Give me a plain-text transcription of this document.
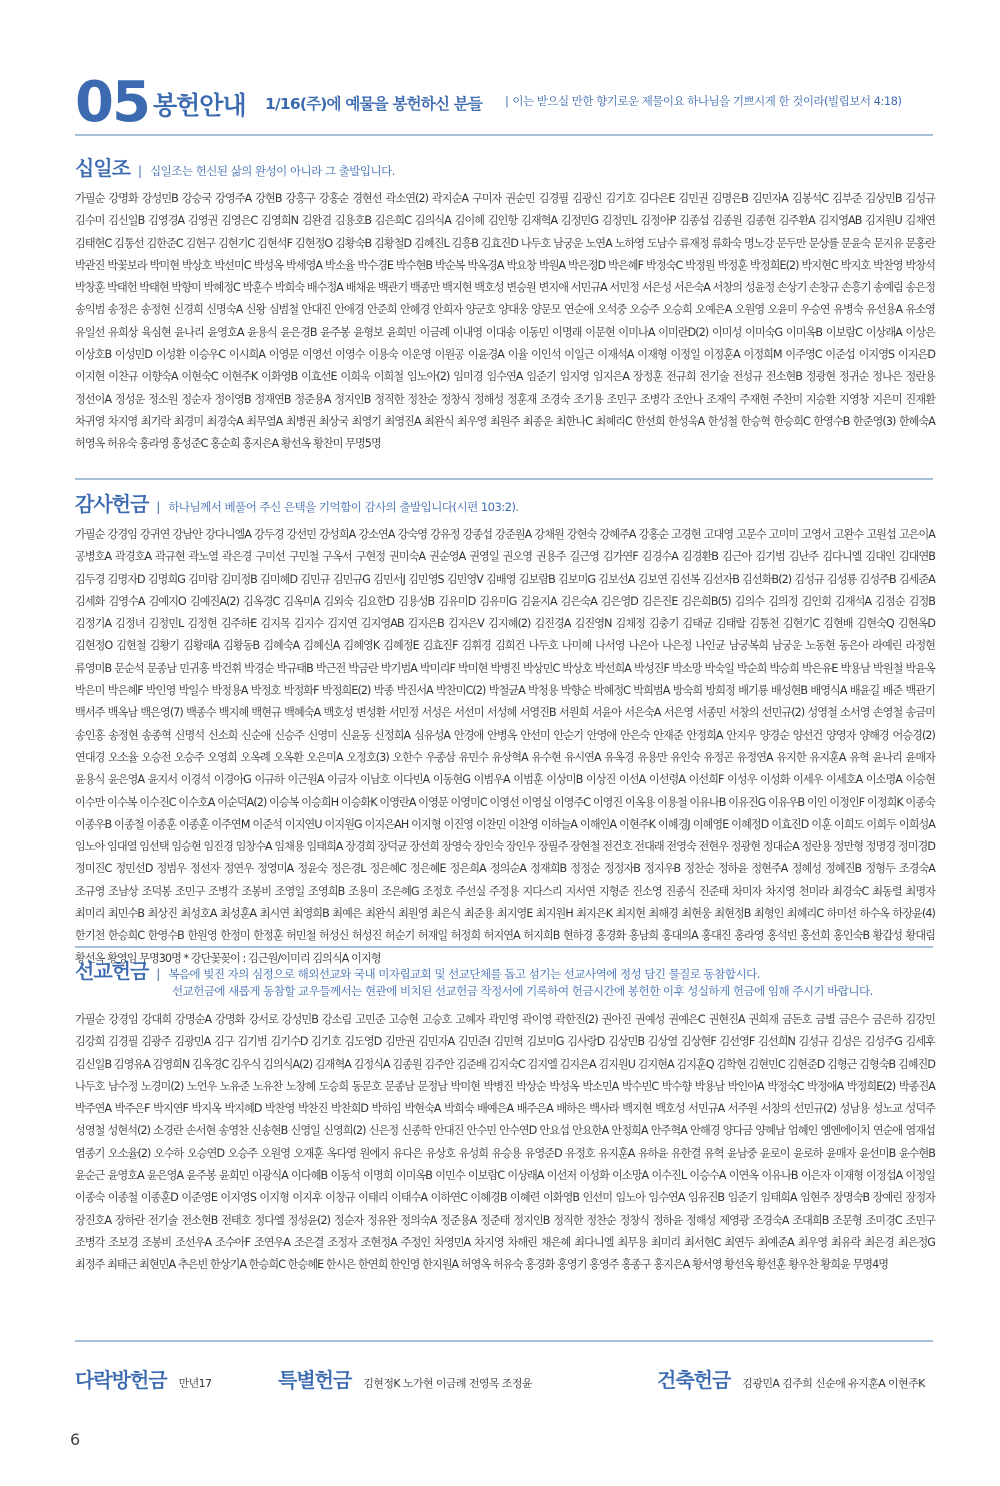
05 봉헌안내 1/16(주)에 예물을 봉헌하신 분들 | 이는 받으실 만한 향기로운 제물이요 하나님을 기쁘시게 한 것이라(빌립보서 4:18)
십일조 | 십일조는 헌신된 삶의 완성이 아니라 그 출발입니다.
가필순 강명화 강성민B 강승국 강영주A 강현B 강흥구 강홍순 경현선 곽소연(2) 곽지순A 구미자 권순민 김경필 김광신 김기호 김다은E 김민권 김명은B 김민자A 김봉석C 김부준 김상민B 김성규 김수미 김신일B 김영경A 김영권 김영은C 김영희N 김완겸 김용호B 김은희C 김의식A 김이혜 김인항 김재혁A 김정민G 김정민L 김정아P 김종섭 김종원 김종현 김주환A 김지영AB 김지원U 김채연 김태현C 김통선 김한준C 김현구 김현기C 김현석F 김현정O 김황숙B 김황철D 김혜진L 김흥B 김효진D 나두호 남궁운 노연A 노하영 도남수 류재정 류화숙 명노강 문두만 문상률 문윤숙 문지유 문홍란 박관진 박꽃보라 박미현 박상호 박선미C 박성옥 박세영A 박소율 박수경E 박수현B 박순복 박옥경A 박요창 박원A 박은정D 박은혜F 박정숙C 박정원 박정훈 박정희E(2) 박지현C 박지호 박찬영 박창석 박창훈 박태헌 박태현 박향미 박혜정C 박훈수 박희숙 배수정A 배채윤 백관기 백종만 백지현 백호성 변승원 변지애 서민규A 서민정 서은성 서은숙A 서창의 성윤정 손상기 손창규 손흥기 송예림 송은정 송익범 송정은 송정현 신경희 신명숙A 신왕 심범철 안대진 안애경 안준희 안혜경 안희자 양군호 양대웅 양문모 연순애 오석중 오승주 오승희 오예은A 오원영 오윤미 우승연 유병숙 유선용A 유소영 유일선 유희상 육심현 윤나리 윤영호A 윤용식 윤은경B 윤주봉 윤형보 윤희민 이금례 이내영 이대송 이동민 이명래 이문현 이미나A 이미란D(2) 이미성 이미숙G 이미옥B 이보람C 이상래A 이상은 이상호B 이성민D 이성환 이승우C 이시희A 이영문 이영선 이영수 이용숙 이운영 이원공 이윤경A 이율 이인석 이일근 이재석A 이재형 이정일 이정훈A 이정희M 이주영C 이준섭 이지영S 이지은D 이지현 이찬규 이향숙A 이현숙C 이현주K 이화영B 이효선E 이희욱 이희철 임노아(2) 임미경 임수연A 임준기 임지영 임지은A 장정훈 전규희 전기술 전성규 전소현B 정광현 정귀순 정나은 정란용 정선이A 정성운 정소원 정순자 정이영B 정재연B 정준용A 정지인B 정직한 정찬순 정창식 정해성 정훈재 조경숙 조기용 조민구 조병각 조안나 조재익 주재현 주찬미 지승환 지영창 지은미 진재환 차귀영 차지영 최기락 최경미 최경숙A 최무열A 최병권 최상국 최영기 최영진A 최완식 최우영 최원주 최종운 최한나C 최혜리C 한선희 한성욱A 한성철 한승혁 한승희C 한영수B 한준영(3) 한혜숙A 허영옥 허유숙 홍라영 홍성준C 홍순희 홍지은A 황선옥 황찬미 무명5명
감사헌금 | 하나님께서 베풀어 주신 은택을 기억함이 감사의 출발입니다(시편 103:2).
가필순 강경임 강귀연 강남안 강다니엘A 강두경 강선민 강성희A 강소연A 강숙영 강유정 강종섭 강준원A 강채원 강현숙 강혜주A 강홍순 고경현 고대영 고문수 고미미 고영서 고완수 고원섭 고은이A 공병호A 곽경호A 곽규현 곽노열 곽은경 구미선 구민철 구옥서 구현정 권미숙A 권순영A 권영일 권오영 권용주 길근영 김가연F 김경수A 김경환B 김근아 김기범 김난주 김다니엘 김대인 김대연B 김두경 김명자D 김명희G 김미람 김미정B 김미혜D 김민규 김민규G 김민서J 김민영S 김민영V 김배영 김보람B 김보미G 김보선A 김보연 김선복 김선자B 김선화B(2) 김성규 김성룡 김성주B 김세준A 김세화 김영수A 김예지O 김예진A(2) 김옥경C 김옥미A 김외숙 김요한D 김용성B 김유미D 김유미G 김윤지A 김은숙A 김은영D 김은진E 김은희B(5) 김의수 김의정 김인회 김재석A 김점순 김정B 김정기A 김정녀 김정민L 김정현 김주하E 김지목 김지수 김지연 김지영AB 김지은B 김지은V 김지혜(2) 김진경A 김진영N 김채정 김충기 김태균 김태랄 김통천 김현기C 김현배 김현숙Q 김현옥D 김현정O 김현철 김황기 김황래A 김황동B 김혜숙A 김혜신A 김혜영K 김혜정E 김효진F 김휘경 김희건 나두호 나미혜 나서영 나은아 나은정 나인균 남궁복희 남궁운 노동현 동은아 라예린 라정현 류영미B 문순석 문종남 민귀홍 박건휘 박경순 박규태B 박근전 박금란 박기범A 박미리F 박미현 박병진 박상민C 박상호 박선희A 박성진F 박소망 박숙일 박순희 박승희 박은유E 박용남 박원철 박윤옥 박은미 박은혜F 박인영 박일수 박정용A 박정호 박정화F 박정희E(2) 박종 박진서A 박찬미C(2) 박철균A 박청용 박향순 박혜정C 박희범A 방숙희 방희정 배기룡 배성현B 배영식A 배윤길 배준 백관기 백서주 백옥남 백은영(7) 백종수 백지혜 백현규 백혜숙A 백호성 변성환 서민정 서성은 서선미 서성혜 서영진B 서원희 서윤아 서은숙A 서은영 서종민 서창의 선민규(2) 성영철 소서영 손영철 송금미 송인홍 송정현 송종혁 신명석 신소희 신순애 신승주 신영미 신윤동 신정희A 심유성A 안경애 안병옥 안선미 안순기 안영애 안은숙 안재준 안정희A 안지우 양경순 양선건 양영자 양해경 어승경(2) 연대경 오소율 오승전 오승주 오영희 오옥례 오옥환 오은미A 오정호(3) 오한수 우종삼 유민수 유상혁A 유수현 유시연A 유옥경 유용만 유인숙 유정곤 유정연A 유지한 유지훈A 유혁 윤나리 윤매자 윤용식 윤은영A 윤지서 이경석 이경아G 이규하 이근원A 이금자 이남호 이다빈A 이동현G 이범우A 이범훈 이상미B 이상진 이선A 이선령A 이선희F 이성우 이성화 이세우 이세호A 이소명A 이승현 이수만 이수복 이수진C 이수호A 이순덕A(2) 이승복 이승희H 이승화K 이영란A 이영문 이영미C 이영선 이영실 이영주C 이영진 이옥용 이용철 이유나B 이유진G 이유우B 이인 이정인F 이정희K 이종숙 이종우B 이종철 이종훈 이종훈 이주연M 이준석 이지연U 이지원G 이지은AH 이지형 이진영 이찬민 이찬영 이하늘A 이해인A 이현주K 이혜경J 이혜영E 이혜정D 이효진D 이훈 이희도 이희두 이희성A 임노아 임대열 임선택 임승현 임진경 임창수A 임채용 임태희A 장경희 장덕균 장선희 장영숙 장인숙 장인우 장필주 장현철 전건호 전대래 전영숙 전현우 정광현 정대순A 정란용 정만형 정명경 정미경D 정미진C 정민선D 정범우 정선자 정연우 정영미A 정윤숙 정은경L 정은혜C 정은혜E 정은희A 정의순A 정재희B 정정순 정정자B 정지우B 정찬순 정하윤 정현주A 정혜성 정혜진B 정형두 조경숙A 조규영 조남상 조덕봉 조민구 조병각 조봉비 조영일 조영희B 조용미 조은혜G 조정호 주선실 주정용 지다스리 지서연 지형준 진소영 진종식 진준태 차미자 차지영 천미라 최경숙C 최동렬 최명자 최미리 최민수B 최상진 최성호A 최성훈A 최시연 최영희B 최예은 최완식 최원영 최은식 최준용 최지영E 최지원H 최지은K 최지현 최해경 최현웅 최현정B 최형인 최혜리C 하미선 하수옥 하장윤(4) 한기천 한승희C 한영수B 한원영 한정미 한정훈 허민철 허성신 허성진 허순기 허재일 허정희 허지연A 허지희B 현하경 홍경화 홍남희 홍대의A 홍대진 홍라영 홍석빈 홍선희 홍인숙B 황갑성 황대림 황선옥 황영임 무명30명 * 강단꽃꽂이 : 김근원/이미리 김의식A 이지형
선교헌금 | 복음에 빚진 자의 심정으로 해외선교와 국내 미자립교회 및 선교단체를 돕고 섬기는 선교사역에 정성 담긴 물질로 동참합시다.
선교헌금에 새롭게 동참할 교우들께서는 현관에 비치된 선교헌금 작정서에 기록하여 헌금시간에 봉헌한 이후 성실하게 헌금에 임해 주시기 바랍니다.
가필순 강경임 강대희 강명순A 강명화 강서로 강성민B 강소림 고민준 고승현 고승호 고혜자 곽민영 곽이영 곽한진(2) 권아진 권예성 권예은C 권현진A 권희재 금돈호 금별 금은수 금은하 김강민 김강희 김경필 김광주 김광민A 김구 김기범 김기수D 김기호 김도영D 김만권 김민자A 김민준I 김민혁 김보미G 김사랑D 김상민B 김상열 김상현F 김선영F 김선희N 김성규 김성은 김성주G 김세후 김신일B 김영유A 김영희N 김옥경C 김우식 김의식A(2) 김재혁A 김정식A 김종원 김주안 김준배 김지숙C 김지엘 김지은A 김지원U 김지현A 김지훈Q 김학현 김현민C 김현준D 김형근 김형숙B 김혜진D 나두호 남수정 노경미(2) 노언우 노유준 노유찬 노창혜 도승희 동문호 문종남 문정남 박미현 박병진 박상순 박성옥 박소민A 박수빈C 박수향 박용남 박인아A 박정숙C 박정애A 박정희E(2) 박종진A 박주연A 박주은F 박지연F 박지옥 박지혜D 박찬영 박찬진 박찬희D 박하임 박현숙A 박희숙 배예은A 배주은A 배하은 백사라 백지현 백호성 서민규A 서주원 서창의 선민규(2) 성남용 성노교 성덕주 성영철 성현석(2) 소경란 손서현 송영찬 신송현B 신영일 신영희(2) 신은정 신종학 안대진 안수민 안수연D 안요섭 안요한A 안정희A 안주혁A 안해경 양다금 양혜남 엄혜인 엠엔에이치 연순애 염재섭 염종기 오소율(2) 오수하 오승연D 오승주 오원영 오재훈 옥다영 원에지 유다은 유상호 유성희 유승용 유영준D 유정호 유지훈A 유하윤 유한결 유혁 윤남중 윤로이 윤로하 윤매자 윤선미B 윤수현B 윤순근 윤영호A 윤은영A 윤주봉 윤희민 이광식A 이다혜B 이동석 이명희 이미옥B 이민수 이보람C 이상래A 이선저 이성화 이소망A 이수진L 이승수A 이연옥 이유나B 이은자 이재형 이정섭A 이정일 이종숙 이종철 이종훈D 이준영E 이지영S 이지형 이지후 이창규 이태리 이태수A 이하연C 이혜경B 이혜련 이화영B 인선미 임노아 임수연A 임유진B 임준기 임태희A 임현주 장명숙B 장예린 장정자 장진호A 장하란 전기술 전소현B 전태호 정다엘 정성윤(2) 정순자 정유완 정의숙A 정준용A 정준태 정지인B 정직한 정찬순 정창식 정하윤 정해성 제영광 조경숙A 조대희B 조문형 조미경C 조민구 조병각 조보경 조봉비 조선우A 조수아F 조연우A 조은결 조정자 조현정A 주정인 차영민A 차지영 차해린 채은혜 최다니엘 최무용 최미리 최서현C 최연두 최예준A 최우영 최유락 최은경 최은정G 최정주 최태근 최현민A 추은빈 한상기A 한승희C 한승혜E 한시은 한연희 한인영 한지원A 허영옥 허유숙 홍경화 홍영기 홍영주 홍종구 홍지은A 황서영 황선옥 황선훈 황우찬 황희윤 무명4명
다락방헌금 만년17	특별헌금 김현정K 노가현 이금례 전영목 조정윤	건축헌금 김광민A 김주희 신순애 유지훈A 이현주K
6
